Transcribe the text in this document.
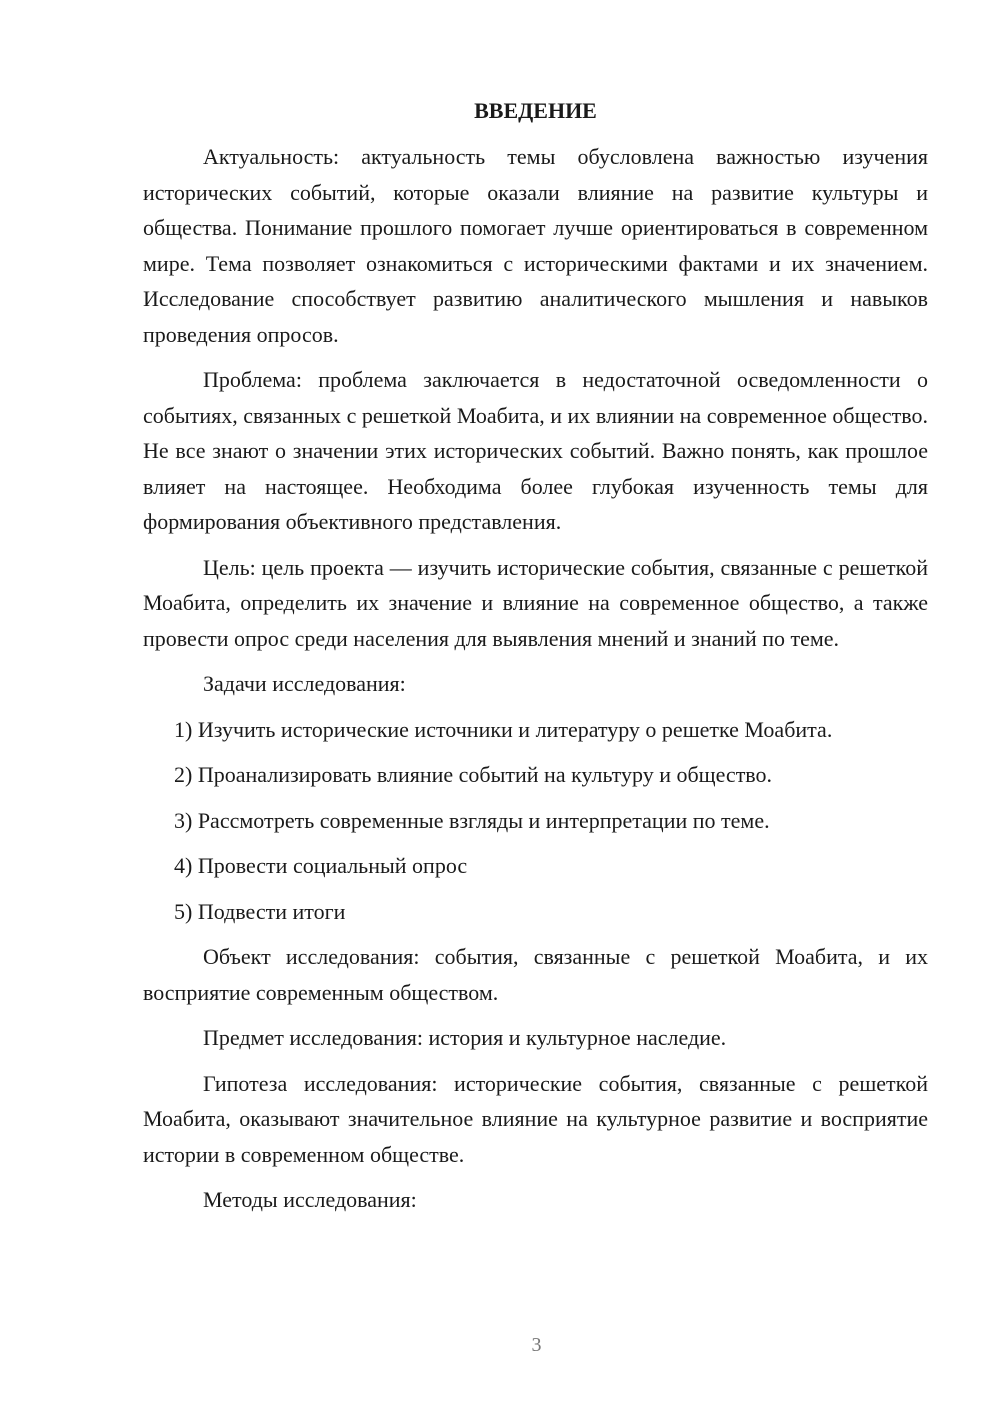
ВВЕДЕНИЕ

Актуальность: актуальность темы обусловлена важностью изучения исторических событий, которые оказали влияние на развитие культуры и общества. Понимание прошлого помогает лучше ориентироваться в современном мире. Тема позволяет ознакомиться с историческими фактами и их значением. Исследование способствует развитию аналитического мышления и навыков проведения опросов.

Проблема: проблема заключается в недостаточной осведомленности о событиях, связанных с решеткой Моабита, и их влиянии на современное общество. Не все знают о значении этих исторических событий. Важно понять, как прошлое влияет на настоящее. Необходима более глубокая изученность темы для формирования объективного представления.

Цель: цель проекта — изучить исторические события, связанные с решеткой Моабита, определить их значение и влияние на современное общество, а также провести опрос среди населения для выявления мнений и знаний по теме.

Задачи исследования:

1) Изучить исторические источники и литературу о решетке Моабита.

2) Проанализировать влияние событий на культуру и общество.

3) Рассмотреть современные взгляды и интерпретации по теме.

4) Провести социальный опрос

5) Подвести итоги

Объект исследования: события, связанные с решеткой Моабита, и их восприятие современным обществом.

Предмет исследования: история и культурное наследие.

Гипотеза исследования: исторические события, связанные с решеткой Моабита, оказывают значительное влияние на культурное развитие и восприятие истории в современном обществе.

Методы исследования:

3
